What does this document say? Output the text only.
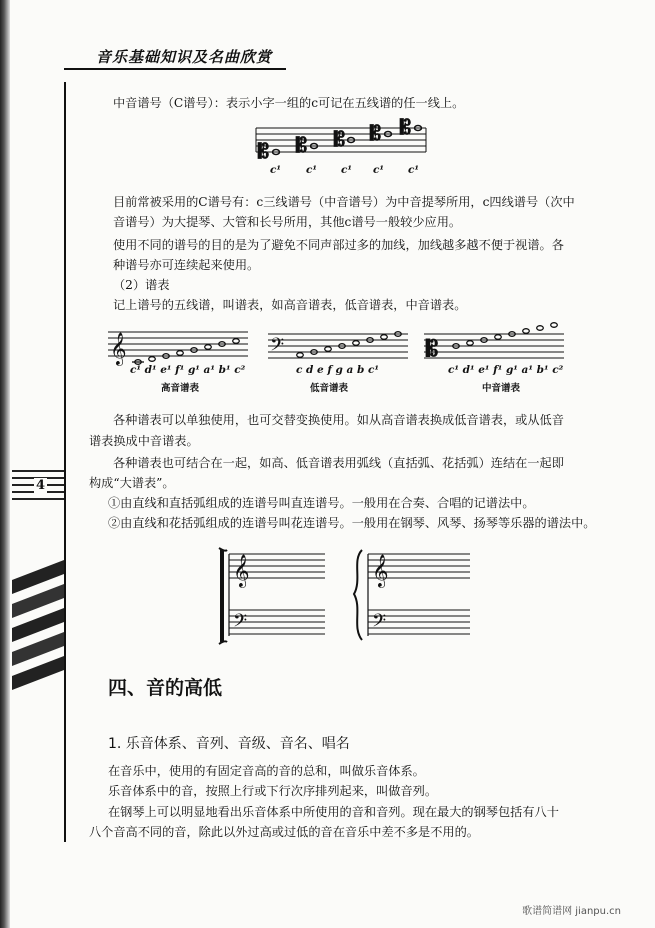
音乐基础知识及名曲欣赏
4
中音谱号（C谱号）：表示小字一组的c可记在五线谱的任一线上。
𝄡 𝄡 𝄡 𝄡 𝄡
c¹ c¹ c¹ c¹ c¹
目前常被采用的C谱号有：c三线谱号（中音谱号）为中音提琴所用，c四线谱号（次中
音谱号）为大提琴、大管和长号所用，其他c谱号一般较少应用。
使用不同的谱号的目的是为了避免不同声部过多的加线，加线越多越不便于视谱。各
种谱号亦可连续起来使用。
（2）谱表
记上谱号的五线谱，叫谱表，如高音谱表，低音谱表，中音谱表。
𝄞	𝄢	𝄡
c¹ d¹ e¹ f¹ g¹ a¹ b¹ c²	c d e f g a b c¹	c¹ d¹ e¹ f¹ g¹ a¹ b¹ c²
高音谱表	低音谱表	中音谱表
各种谱表可以单独使用，也可交替变换使用。如从高音谱表换成低音谱表，或从低音
谱表换成中音谱表。
各种谱表也可结合在一起，如高、低音谱表用弧线（直括弧、花括弧）连结在一起即
构成“大谱表”。
①由直线和直括弧组成的连谱号叫直连谱号。一般用在合奏、合唱的记谱法中。
②由直线和花括弧组成的连谱号叫花连谱号。一般用在钢琴、风琴、扬琴等乐器的谱法中。
𝄞
𝄢
𝄞
𝄢
四、音的高低
1. 乐音体系、音列、音级、音名、唱名
在音乐中，使用的有固定音高的音的总和，叫做乐音体系。
乐音体系中的音，按照上行或下行次序排列起来，叫做音列。
在钢琴上可以明显地看出乐音体系中所使用的音和音列。现在最大的钢琴包括有八十
八个音高不同的音，除此以外过高或过低的音在音乐中差不多是不用的。
歌谱简谱网 jianpu.cn
